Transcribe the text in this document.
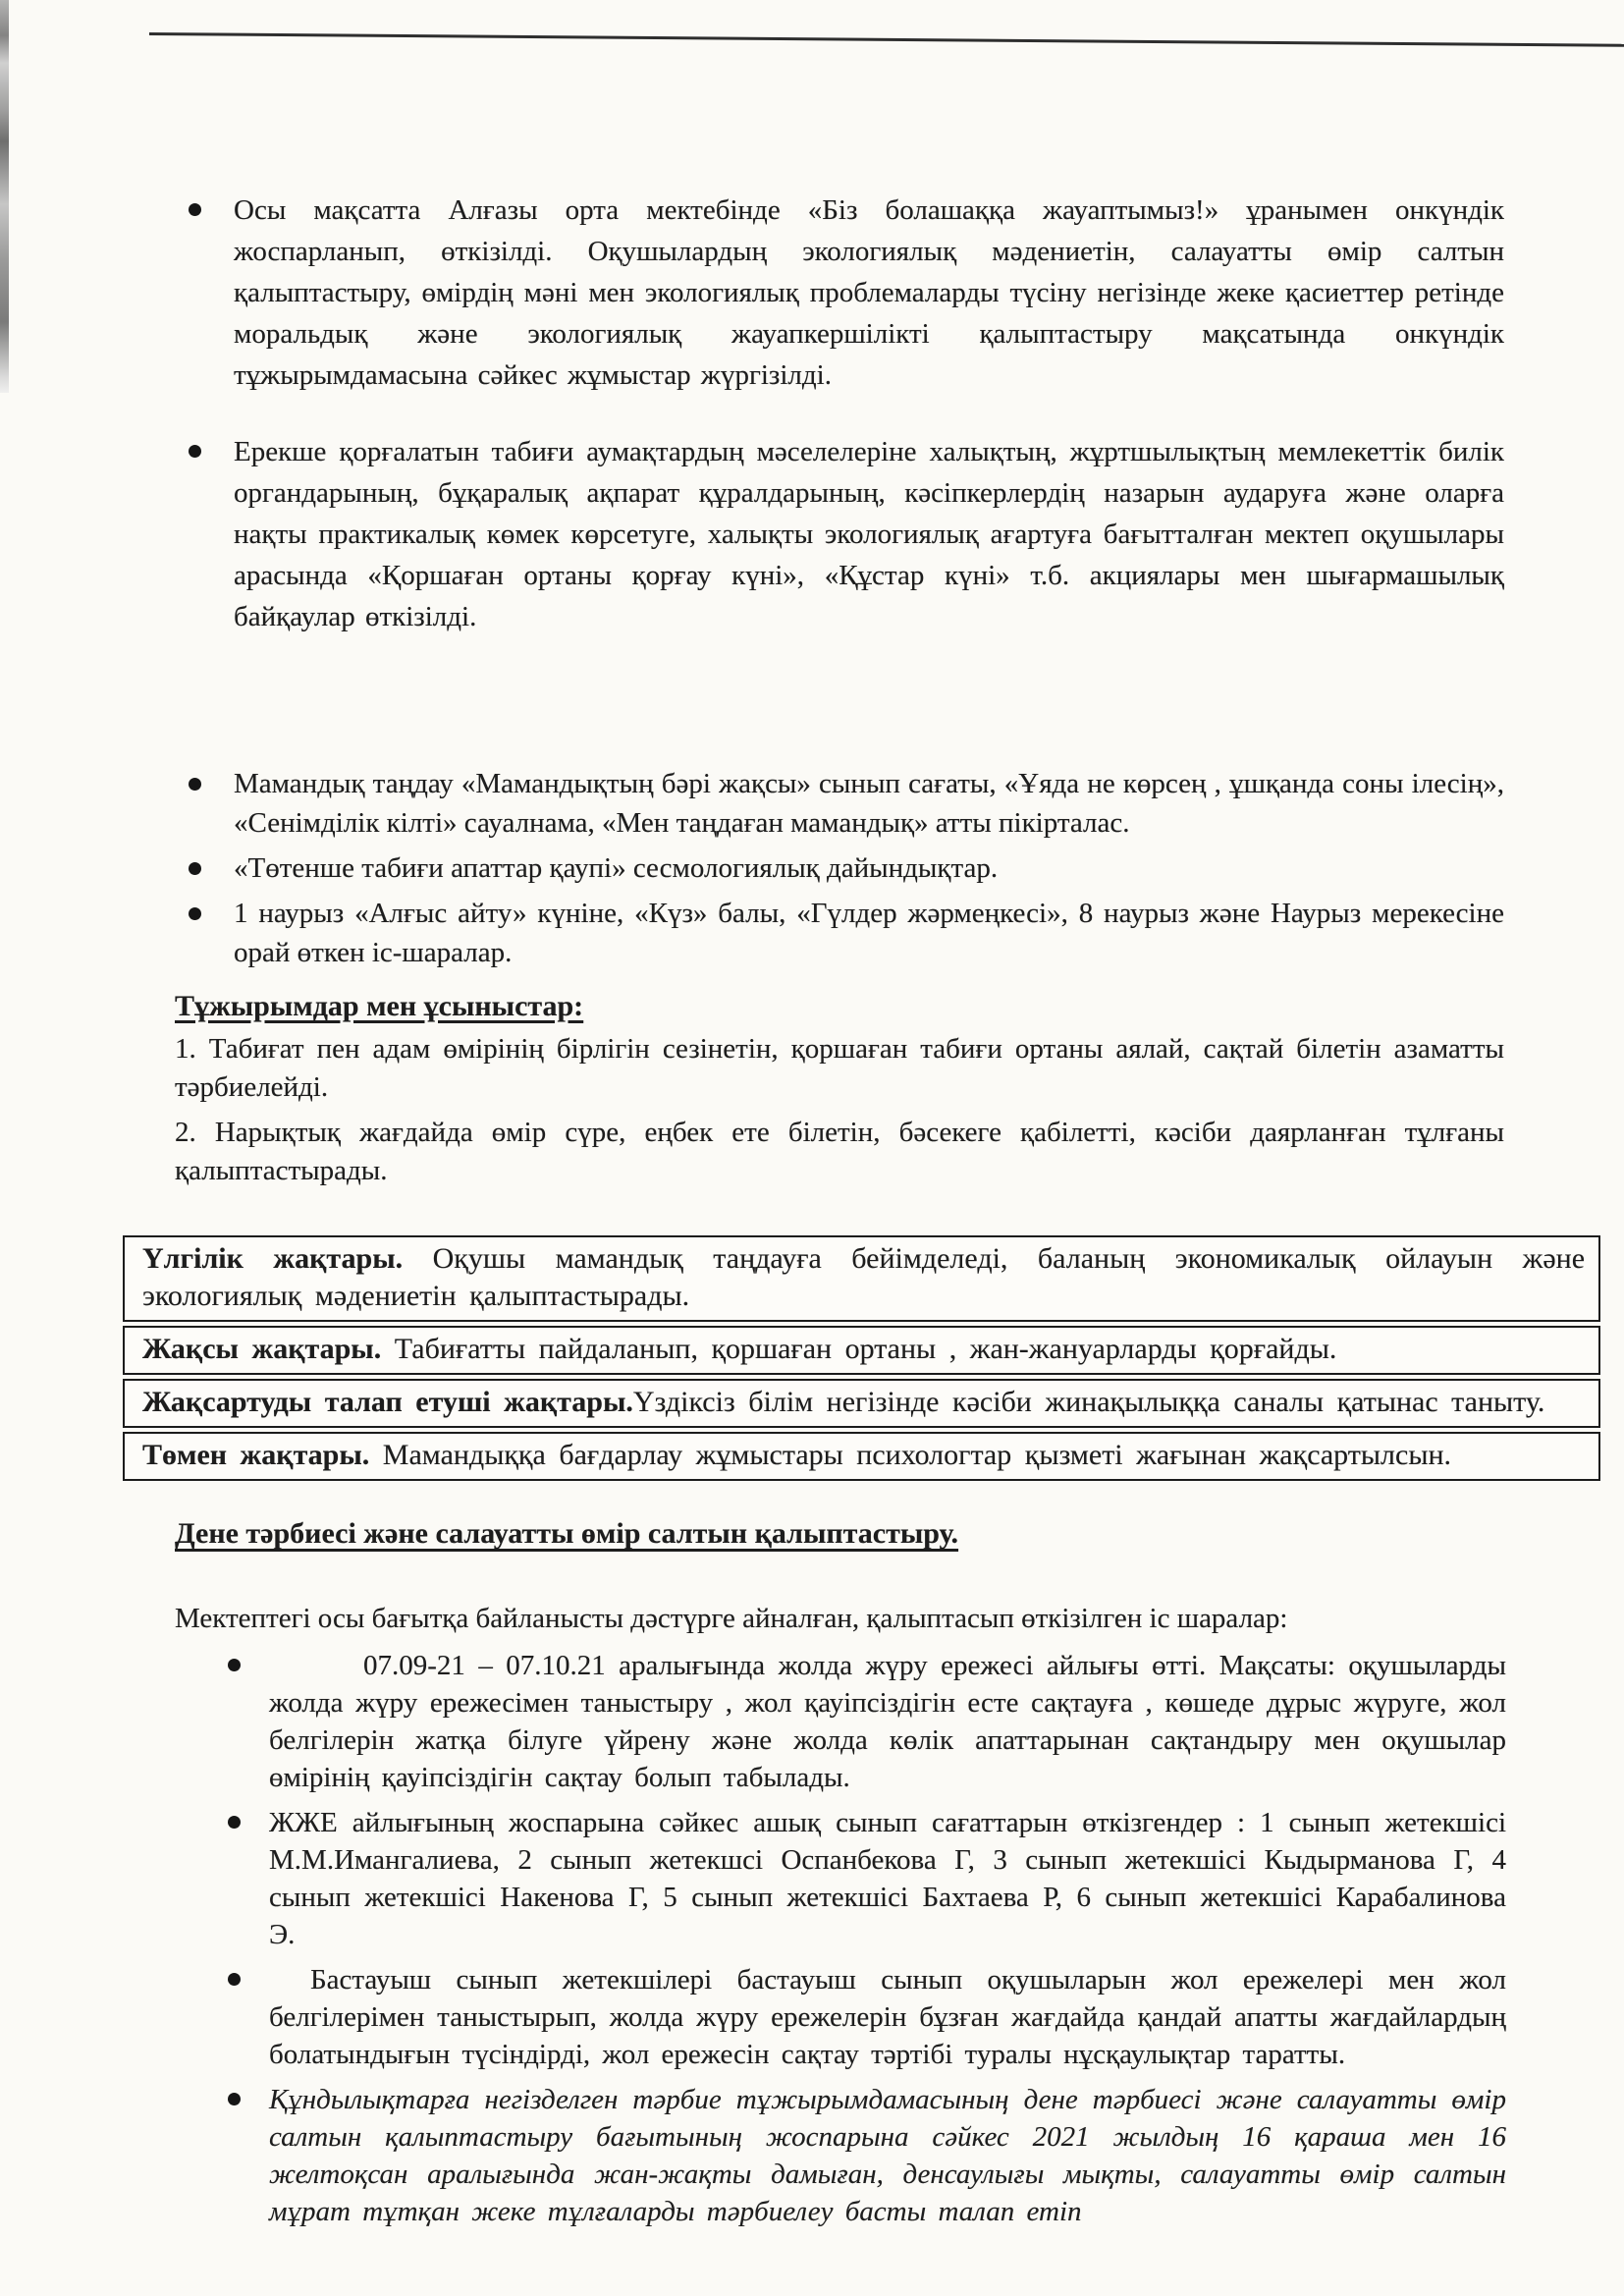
Осы мақсатта Алғазы орта мектебінде «Біз болашаққа жауаптымыз!» ұранымен онкүндік жоспарланып, өткізілді. Оқушылардың экологиялық мәдениетін, салауатты өмір салтын қалыптастыру, өмірдің мәні мен экологиялық проблемаларды түсіну негізінде жеке қасиеттер ретінде моральдық және экологиялық жауапкершілікті қалыптастыру мақсатында онкүндік тұжырымдамасына сәйкес жұмыстар жүргізілді.
Ерекше қорғалатын табиғи аумақтардың мәселелеріне халықтың, жұртшылықтың мемлекеттік билік органдарының, бұқаралық ақпарат құралдарының, кәсіпкерлердің назарын аударуға және оларға нақты практикалық көмек көрсетуге, халықты экологиялық ағартуға бағытталған мектеп оқушылары арасында «Қоршаған ортаны қорғау күні», «Құстар күні» т.б. акциялары мен шығармашылық байқаулар өткізілді.
Мамандық таңдау «Мамандықтың бәрі жақсы» сынып сағаты, «Ұяда не көрсең , ұшқанда соны ілесің», «Сенімділік кілті» сауалнама, «Мен таңдаған мамандық» атты пікірталас.
«Төтенше табиғи апаттар қаупі» сесмологиялық дайындықтар.
1 наурыз «Алғыс айту» күніне, «Күз» балы, «Гүлдер жәрмеңкесі», 8 наурыз және Наурыз мерекесіне орай өткен іс-шаралар.
Тұжырымдар мен ұсыныстар:
1. Табиғат пен адам өмірінің бірлігін сезінетін, қоршаған табиғи ортаны аялай, сақтай білетін азаматты тәрбиелейді.
2. Нарықтық жағдайда өмір сүре, еңбек ете білетін, бәсекеге қабілетті, кәсіби даярланған тұлғаны қалыптастырады.
Үлгілік жақтары. Оқушы мамандық таңдауға бейімделеді, баланың экономикалық ойлауын және экологиялық мәдениетін қалыптастырады.
Жақсы жақтары. Табиғатты пайдаланып, қоршаған ортаны , жан-жануарларды қорғайды.
Жақсартуды талап етуші жақтары.Үздіксіз білім негізінде кәсіби жинақылыққа саналы қатынас таныту.
Төмен жақтары. Мамандыққа бағдарлау жұмыстары психологтар қызметі жағынан жақсартылсын.
Дене тәрбиесі және салауатты өмір салтын қалыптастыру.
Мектептегі осы бағытқа байланысты дәстүрге айналған, қалыптасып өткізілген іс шаралар:
07.09-21 – 07.10.21 аралығында жолда жүру ережесі айлығы өтті. Мақсаты: оқушыларды жолда жүру ережесімен таныстыру , жол қауіпсіздігін есте сақтауға , көшеде дұрыс жүруге, жол белгілерін жатқа білуге үйрену және жолда көлік апаттарынан сақтандыру мен оқушылар өмірінің қауіпсіздігін сақтау болып табылады.
ЖЖЕ айлығының жоспарына сәйкес ашық сынып сағаттарын өткізгендер : 1 сынып жетекшісі М.М.Имангалиева, 2 сынып жетекшсі Оспанбекова Г, 3 сынып жетекшісі Кыдырманова Г, 4 сынып жетекшісі Накенова Г, 5 сынып жетекшісі Бахтаева Р, 6 сынып жетекшісі Карабалинова Э.
Бастауыш сынып жетекшілері бастауыш сынып оқушыларын жол ережелері мен жол белгілерімен таныстырып, жолда жүру ережелерін бұзған жағдайда қандай апатты жағдайлардың болатындығын түсіндірді, жол ережесін сақтау тәртібі туралы нұсқаулықтар таратты.
Құндылықтарға негізделген тәрбие тұжырымдамасының дене тәрбиесі және салауатты өмір салтын қалыптастыру бағытының жоспарына сәйкес 2021 жылдың 16 қараша мен 16 желтоқсан аралығында жан-жақты дамыған, денсаулығы мықты, салауатты өмір салтын мұрат тұтқан жеке тұлғаларды тәрбиелеу басты талап етіп
